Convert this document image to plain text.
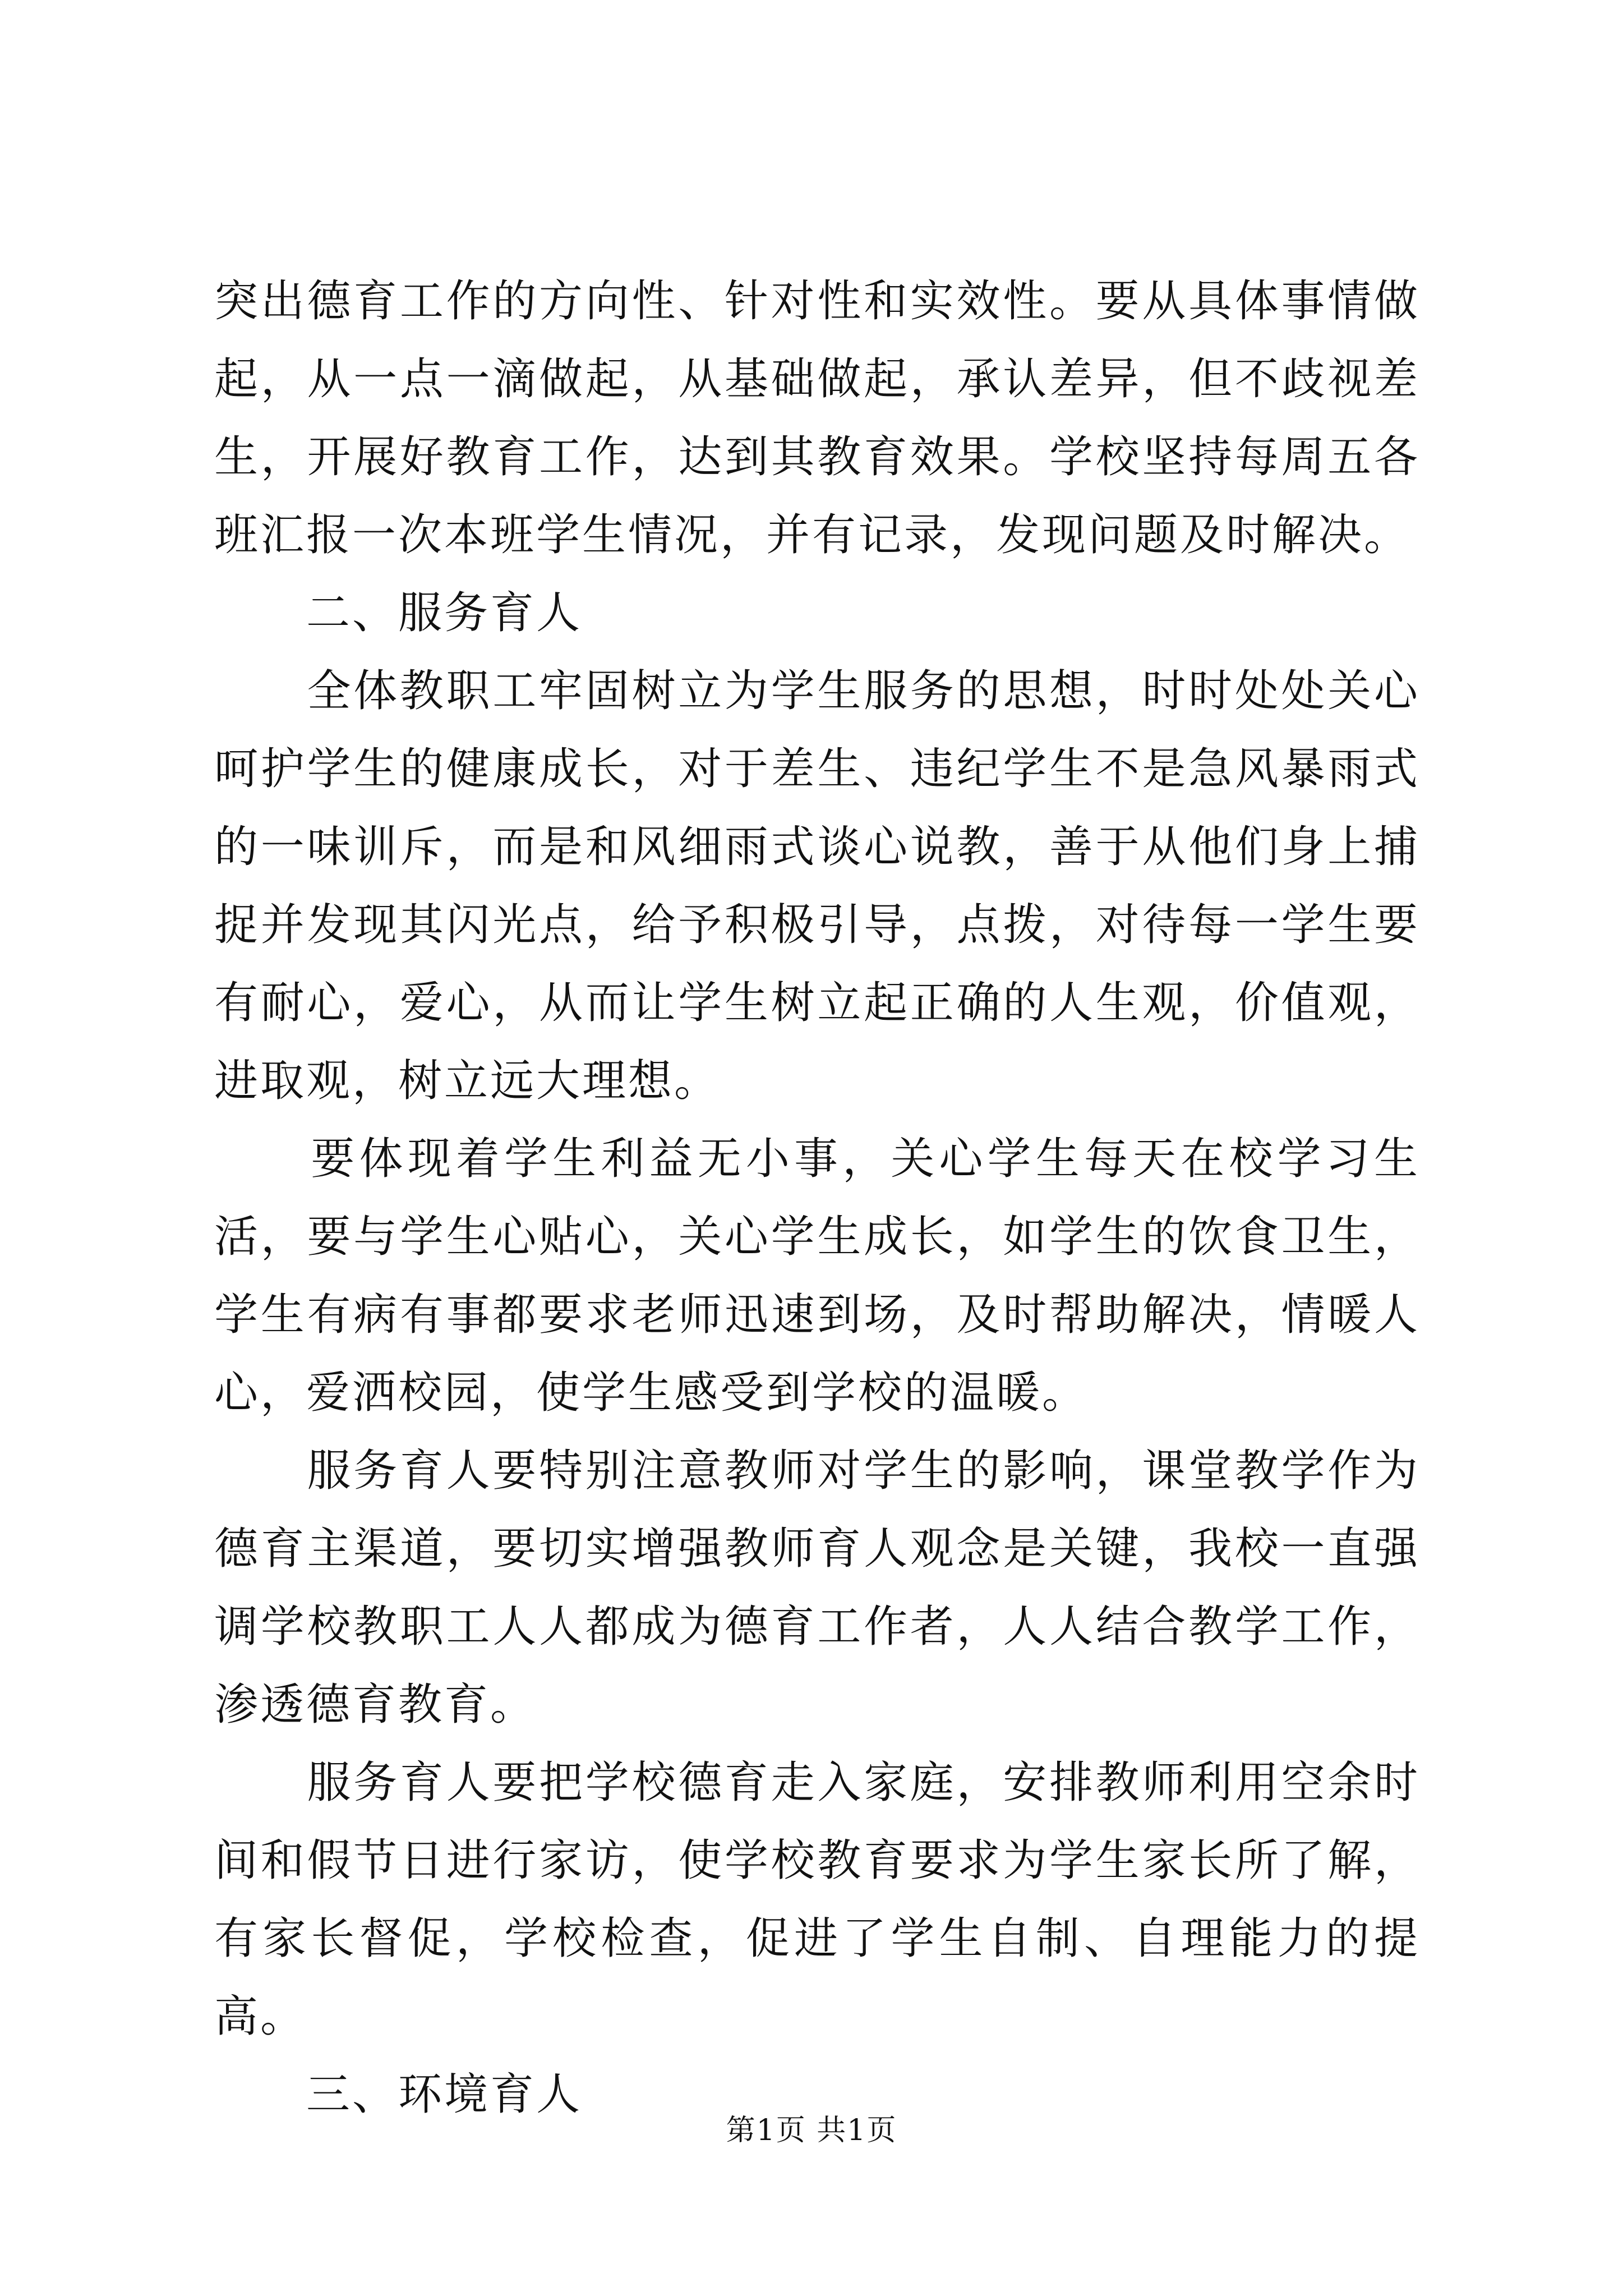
突出德育工作的方向性、针对性和实效性。要从具体事情做起，从一点一滴做起，从基础做起，承认差异，但不歧视差生，开展好教育工作，达到其教育效果。学校坚持每周五各班汇报一次本班学生情况，并有记录，发现问题及时解决。

　　二、服务育人

　　全体教职工牢固树立为学生服务的思想，时时处处关心呵护学生的健康成长，对于差生、违纪学生不是急风暴雨式的一味训斥，而是和风细雨式谈心说教，善于从他们身上捕捉并发现其闪光点，给予积极引导，点拨，对待每一学生要有耐心，爱心，从而让学生树立起正确的人生观，价值观，进取观，树立远大理想。

　　要体现着学生利益无小事，关心学生每天在校学习生活，要与学生心贴心，关心学生成长，如学生的饮食卫生，学生有病有事都要求老师迅速到场，及时帮助解决，情暖人心，爱洒校园，使学生感受到学校的温暖。

　　服务育人要特别注意教师对学生的影响，课堂教学作为德育主渠道，要切实增强教师育人观念是关键，我校一直强调学校教职工人人都成为德育工作者，人人结合教学工作，渗透德育教育。

　　服务育人要把学校德育走入家庭，安排教师利用空余时间和假节日进行家访，使学校教育要求为学生家长所了解，有家长督促，学校检查，促进了学生自制、自理能力的提高。

　　三、环境育人

第1页 共1页
